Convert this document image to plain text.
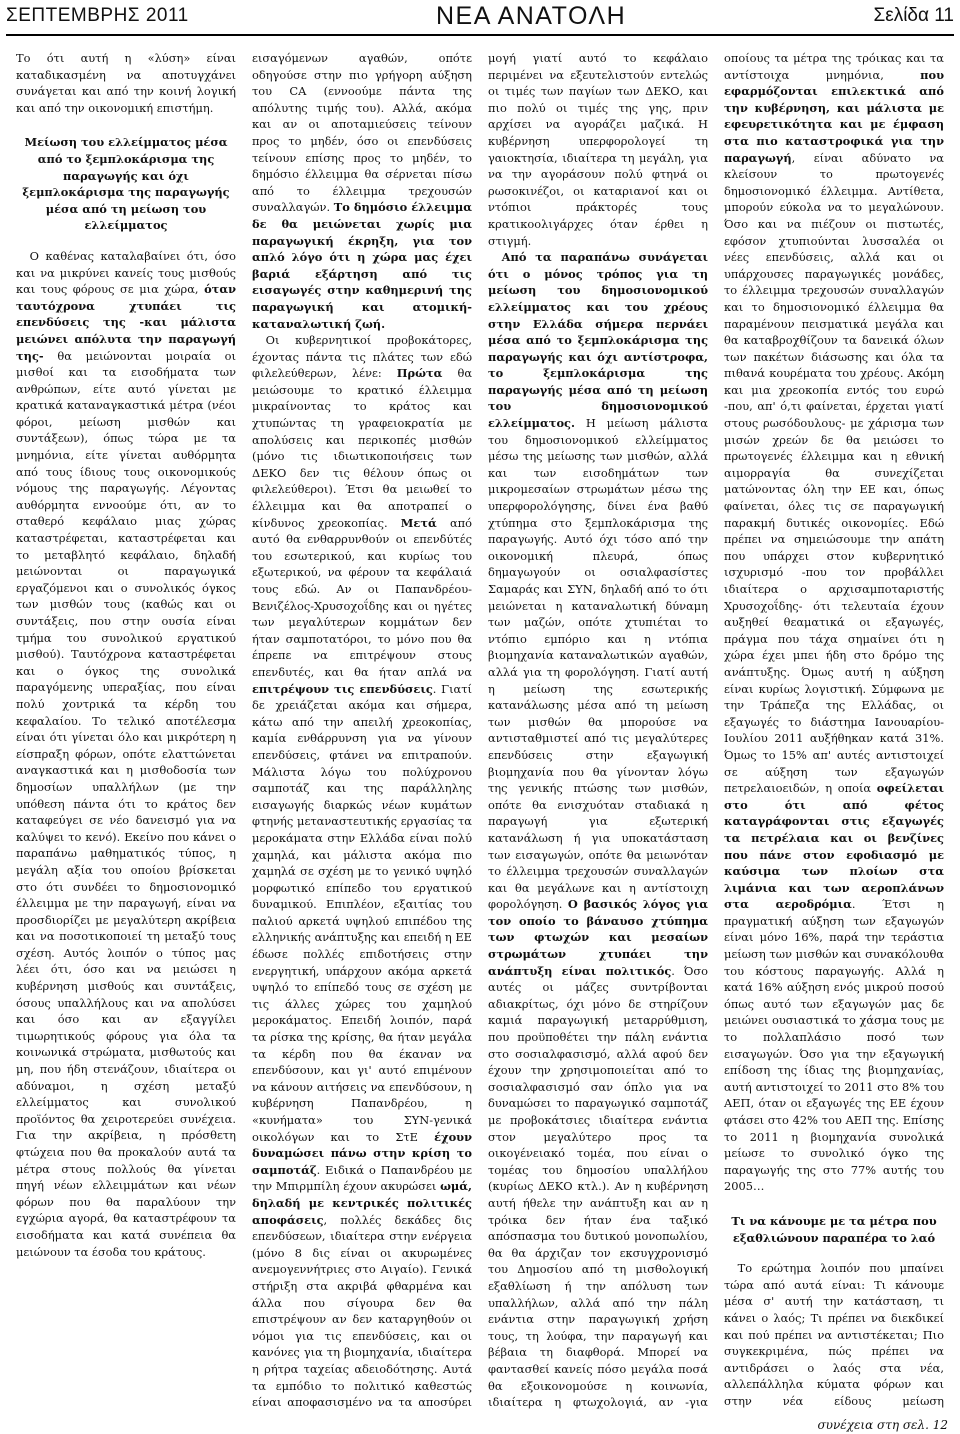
ΣΕΠΤΕΜΒΡΗΣ 2011	ΝΕΑ ΑΝΑΤΟΛΗ	Σελίδα 11

Το ότι αυτή η «λύση» είναι καταδικασμένη να αποτυγχάνει συνάγεται και από την κοινή λογική και από την οικονομική επιστήμη.

Μείωση του ελλείμματος μέσα από το ξεμπλοκάρισμα της παραγωγής και όχι ξεμπλοκάρισμα της παραγωγής μέσα από τη μείωση του ελλείμματος

Ο καθένας καταλαβαίνει ότι, όσο και να μικρύνει κανείς τους μισθούς και τους φόρους σε μια χώρα, όταν ταυτόχρονα χτυπάει τις επενδύσεις της -και μάλιστα μειώνει απόλυτα την παραγωγή της- θα μειώνονται μοιραία οι μισθοί και τα εισοδήματα των ανθρώπων, είτε αυτό γίνεται με κρατικά καταναγκαστικά μέτρα (νέοι φόροι, μείωση μισθών και συντάξεων), όπως τώρα με τα μνημόνια, είτε γίνεται αυθόρμητα από τους ίδιους τους οικονομικούς νόμους της παραγωγής. Λέγοντας αυθόρμητα εννοούμε ότι, αν το σταθερό κεφάλαιο μιας χώρας καταστρέφεται, καταστρέφεται και το μεταβλητό κεφάλαιο, δηλαδή μειώνονται οι παραγωγικά εργαζόμενοι και ο συνολικός όγκος των μισθών τους (καθώς και οι συντάξεις, που στην ουσία είναι τμήμα του συνολικού εργατικού μισθού). Ταυτόχρονα καταστρέφεται και ο όγκος της συνολικά παραγόμενης υπεραξίας, που είναι πολύ χοντρικά τα κέρδη του κεφαλαίου. Το τελικό αποτέλεσμα είναι ότι γίνεται όλο και μικρότερη η είσπραξη φόρων, οπότε ελαττώνεται αναγκαστικά και η μισθοδοσία των δημοσίων υπαλλήλων (με την υπόθεση πάντα ότι το κράτος δεν καταφεύγει σε νέο δανεισμό για να καλύψει το κενό). Εκείνο που κάνει ο παραπάνω μαθηματικός τύπος, η μεγάλη αξία του οποίου βρίσκεται στο ότι συνδέει το δημοσιονομικό έλλειμμα με την παραγωγή, είναι να προσδιορίζει με μεγαλύτερη ακρίβεια και να ποσοτικοποιεί τη μεταξύ τους σχέση. Αυτός λοιπόν ο τύπος μας λέει ότι, όσο και να μειώσει η κυβέρνηση μισθούς και συντάξεις, όσους υπαλλήλους και να απολύσει και όσο και αν εξαγγίλει τιμωρητικούς φόρους για όλα τα κοινωνικά στρώματα, μισθωτούς και μη, που ήδη στενάζουν, ιδιαίτερα οι αδύναμοι, η σχέση μεταξύ ελλείμματος και συνολικού προϊόντος θα χειροτερεύει συνέχεια. Για την ακρίβεια, η πρόσθετη φτώχεια που θα προκαλούν αυτά τα μέτρα στους πολλούς θα γίνεται πηγή νέων ελλειμμάτων και νέων φόρων που θα παραλύουν την εγχώρια αγορά, θα καταστρέφουν τα εισοδήματα και κατά συνέπεια θα μειώνουν τα έσοδα του κράτους.

εισαγόμενων αγαθών, οπότε οδηγούσε στην πιο γρήγορη αύξηση του CA (εννοούμε πάντα της απόλυτης τιμής του). Αλλά, ακόμα και αν οι αποταμιεύσεις τείνουν προς το μηδέν, όσο οι επενδύσεις τείνουν επίσης προς το μηδέν, το δημόσιο έλλειμμα θα σέρνεται πίσω από το έλλειμμα τρεχουσών συναλλαγών. Το δημόσιο έλλειμμα δε θα μειώνεται χωρίς μια παραγωγική έκρηξη, για τον απλό λόγο ότι η χώρα μας έχει βαριά εξάρτηση από τις εισαγωγές στην καθημερινή της παραγωγική και ατομική-καταναλωτική ζωή.

Οι κυβερνητικοί προβοκάτορες, έχοντας πάντα τις πλάτες των εδώ φιλελεύθερων, λένε: Πρώτα θα μειώσουμε το κρατικό έλλειμμα μικραίνοντας το κράτος και χτυπώντας τη γραφειοκρατία με απολύσεις και περικοπές μισθών (μόνο τις ιδιωτικοποιήσεις των ΔΕΚΟ δεν τις θέλουν όπως οι φιλελεύθεροι). Έτσι θα μειωθεί το έλλειμμα και θα αποτραπεί ο κίνδυνος χρεοκοπίας. Μετά από αυτό θα ενθαρρυνθούν οι επενδύτές του εσωτερικού, και κυρίως του εξωτερικού, να φέρουν τα κεφάλαιά τους εδώ. Αν οι Παπανδρέου-Βενιζέλος-Χρυσοχοΐδης και οι ηγέτες των μεγαλύτερων κομμάτων δεν ήταν σαμποτατόροι, το μόνο που θα έπρεπε να επιτρέψουν στους επενδυτές, και θα ήταν απλά να επιτρέψουν τις επενδύσεις. Γιατί δε χρειάζεται ακόμα και σήμερα, κάτω από την απειλή χρεοκοπίας, καμία ενθάρρυνση για να γίνουν επενδύσεις, φτάνει να επιτραπούν. Μάλιστα λόγω του πολύχρονου σαμποτάζ και της παράλληλης εισαγωγής διαρκώς νέων κυμάτων φτηνής μεταναστευτικής εργασίας τα μεροκάματα στην Ελλάδα είναι πολύ χαμηλά, και μάλιστα ακόμα πιο χαμηλά σε σχέση με το γενικό υψηλό μορφωτικό επίπεδο του εργατικού δυναμικού. Επιπλέον, εξαιτίας του παλιού αρκετά υψηλού επιπέδου της ελληνικής ανάπτυξης και επειδή η ΕΕ έδωσε πολλές επιδοτήσεις στην ενεργητική, υπάρχουν ακόμα αρκετά υψηλό το επίπεδό τους σε σχέση με τις άλλες χώρες του χαμηλού μεροκάματος. Επειδή λοιπόν, παρά τα ρίσκα της κρίσης, θα ήταν μεγάλα τα κέρδη που θα έκαναν να επενδύσουν, και γι' αυτό επιμένουν να κάνουν αιτήσεις να επενδύσουν, η κυβέρνηση Παπανδρέου, η «κυνήματα» του ΣΥΝ-γενικά οικολόγων και το ΣτΕ έχουν δυναμώσει πάνω στην κρίση το σαμποτάζ. Ειδικά ο Παπανδρέου με την Μπιρμπίλη έχουν ακυρώσει ωμά, δηλαδή με κεντρικές πολιτικές αποφάσεις, πολλές δεκάδες δις επενδύσεων, ιδιαίτερα στην ενέργεια (μόνο 8 δις είναι οι ακυρωμένες ανεμογεννήτριες στο Αιγαίο). Γενικά στήριξη στα ακριβά φθαρμένα και άλλα που σίγουρα δεν θα επιστρέψουν αν δεν καταργηθούν οι νόμοι για τις επενδύσεις, και οι κανόνες για τη βιομηχανία, ιδιαίτερα η ρήτρα ταχείας αδειοδότησης. Αυτά τα εμπόδιο το πολιτικό καθεστώς είναι αποφασισμένο να τα αποσύρει

μογή γιατί αυτό το κεφάλαιο περιμένει να εξευτελιστούν εντελώς οι τιμές των παγίων των ΔΕΚΟ, και πιο πολύ οι τιμές της γης, πριν αρχίσει να αγοράζει μαζικά. Η κυβέρνηση υπερφορολογεί τη γαιοκτησία, ιδιαίτερα τη μεγάλη, για να την αγοράσουν πολύ φτηνά οι ρωσοκινέζοι, οι καταριανοί και οι ντόπιοι πράκτορές τους κρατικοολιγάρχες όταν έρθει η στιγμή.

Από τα παραπάνω συνάγεται ότι ο μόνος τρόπος για τη μείωση του δημοσιονομικού ελλείμματος και του χρέους στην Ελλάδα σήμερα περνάει μέσα από το ξεμπλοκάρισμα της παραγωγής και όχι αντίστροφα, το ξεμπλοκάρισμα της παραγωγής μέσα από τη μείωση του δημοσιονομικού ελλείμματος. Η μείωση μάλιστα του δημοσιονομικού ελλείμματος μέσω της μείωσης των μισθών, αλλά και των εισοδημάτων των μικρομεσαίων στρωμάτων μέσω της υπερφορολόγησης, δίνει ένα βαθύ χτύπημα στο ξεμπλοκάρισμα της παραγωγής. Αυτό όχι τόσο από την οικονομική πλευρά, όπως δημαγωγούν οι οσιαλφασίστες Σαμαράς και ΣΥΝ, δηλαδή από το ότι μειώνεται η καταναλωτική δύναμη των μαζών, οπότε χτυπιέται το ντόπιο εμπόριο και η ντόπια βιομηχανία καταναλωτικών αγαθών, αλλά για τη φορολόγηση. Γιατί αυτή η μείωση της εσωτερικής κατανάλωσης μέσα από τη μείωση των μισθών θα μπορούσε να αντισταθμιστεί από τις μεγαλύτερες επενδύσεις στην εξαγωγική βιομηχανία που θα γίνονταν λόγω της γενικής πτώσης των μισθών, οπότε θα ενισχυόταν σταδιακά η παραγωγή για εξωτερική κατανάλωση ή για υποκατάσταση των εισαγωγών, οπότε θα μειωνόταν το έλλειμμα τρεχουσών συναλλαγών και θα μεγάλωνε και η αντίστοιχη φορολόγηση. Ο βασικός λόγος για τον οποίο το βάναυσο χτύπημα των φτωχών και μεσαίων στρωμάτων χτυπάει την ανάπτυξη είναι πολιτικός. Όσο αυτές οι μάζες συντρίβονται αδιακρίτως, όχι μόνο δε στηρίζουν καμιά παραγωγική μεταρρύθμιση, που προϋποθέτει την πάλη ενάντια στο σοσιαλφασισμό, αλλά αφού δεν έχουν την χρησιμοποιείται από το σοσιαλφασισμό σαν όπλο για να δυναμώσει το παραγωγικό σαμποτάζ με προβοκάτσιες ιδιαίτερα ενάντια στον μεγαλύτερο προς τα οικογένειακό τομέα, που είναι ο τομέας του δημοσίου υπαλλήλου (κυρίως ΔΕΚΟ κτλ.). Αν η κυβέρνηση αυτή ήθελε την ανάπτυξη και αν η τρόικα δεν ήταν ένα ταξικό απόσπασμα του δυτικού μονοπωλίου, θα θα άρχιζαν τον εκσυγχρονισμό του Δημοσίου από τη μισθολογική εξαθλίωση ή την απόλυση των υπαλλήλων, αλλά από την πάλη ενάντια στην παραγωγική χρήση τους, τη λούφα, την παραγωγή και βέβαια τη διαφθορά. Μπορεί να φαντασθεί κανείς πόσο μεγάλα ποσά θα εξοικονομούσε η κοινωνία, ιδιαίτερα η φτωχολογιά, αν -για

οποίους τα μέτρα της τρόικας και τα αντίστοιχα μνημόνια, που εφαρμόζονται επιλεκτικά από την κυβέρνηση, και μάλιστα με εφευρετικότητα και με έμφαση στα πιο καταστροφικά για την παραγωγή, είναι αδύνατο να κλείσουν το πρωτογενές δημοσιονομικό έλλειμμα. Αντίθετα, μπορούν εύκολα να το μεγαλώνουν. Όσο και να πιέζουν οι πιστωτές, εφόσον χτυπιούνται λυσσαλέα οι νέες επενδύσεις, αλλά και οι υπάρχουσες παραγωγικές μονάδες, το έλλειμμα τρεχουσών συναλλαγών και το δημοσιονομικό έλλειμμα θα παραμένουν πεισματικά μεγάλα και θα καταβροχθίζουν τα δανεικά όλων των πακέτων διάσωσης και όλα τα πιθανά κουρέματα του χρέους. Ακόμη και μια χρεοκοπία εντός του ευρώ -που, απ' ό,τι φαίνεται, έρχεται γιατί στους ρωσόδουλους- με χάρισμα των μισών χρεών δε θα μειώσει το πρωτογενές έλλειμμα και η εθνική αιμορραγία θα συνεχίζεται ματώνοντας όλη την ΕΕ και, όπως φαίνεται, όλες τις σε παραγωγική παρακμή δυτικές οικονομίες. Εδώ πρέπει να σημειώσουμε την απάτη που υπάρχει στον κυβερνητικό ισχυρισμό -που τον προβάλλει ιδιαίτερα ο αρχισαμποταριστής Χρυσοχοΐδης- ότι τελευταία έχουν αυξηθεί θεαματικά οι εξαγωγές, πράγμα που τάχα σημαίνει ότι η χώρα έχει μπει ήδη στο δρόμο της ανάπτυξης. Όμως αυτή η αύξηση είναι κυρίως λογιστική. Σύμφωνα με την Τράπεζα της Ελλάδας, οι εξαγωγές το διάστημα Ιανουαρίου-Ιουλίου 2011 αυξήθηκαν κατά 31%. Όμως το 15% απ' αυτές αντιστοιχεί σε αύξηση των εξαγωγών πετρελαιοειδών, η οποία οφείλεται στο ότι από φέτος καταγράφονται στις εξαγωγές τα πετρέλαια και οι βενζίνες που πάνε στον εφοδιασμό με καύσιμα των πλοίων στα λιμάνια και των αεροπλάνων στα αεροδρόμια. Έτσι η πραγματική αύξηση των εξαγωγών είναι μόνο 16%, παρά την τεράστια μείωση των μισθών και συνακόλουθα του κόστους παραγωγής. Αλλά η κατά 16% αύξηση ενός μικρού ποσού όπως αυτό των εξαγωγών μας δε μειώνει ουσιαστικά το χάσμα τους με το πολλαπλάσιο ποσό των εισαγωγών. Όσο για την εξαγωγική επίδοση της ίδιας της βιομηχανίας, αυτή αντιστοιχεί το 2011 στο 8% του ΑΕΠ, όταν οι εξαγωγές της ΕΕ έχουν φτάσει στο 42% του ΑΕΠ της. Επίσης το 2011 η βιομηχανία συνολικά μείωσε το συνολικό όγκο της παραγωγής της στο 77% αυτής του 2005…

Τι να κάνουμε με τα μέτρα που εξαθλιώνουν παραπέρα το λαό

Το ερώτημα λοιπόν που μπαίνει τώρα από αυτά είναι: Τι κάνουμε μέσα σ' αυτή την κατάσταση, τι κάνει ο λαός; Τι πρέπει να διεκδικεί και πού πρέπει να αντιστέκεται; Πιο συγκεκριμένα, πώς πρέπει να αντιδράσει ο λαός στα νέα, αλλεπάλληλα κύματα φόρων και στην νέα είδους μείωση

συνέχεια στη σελ. 12
